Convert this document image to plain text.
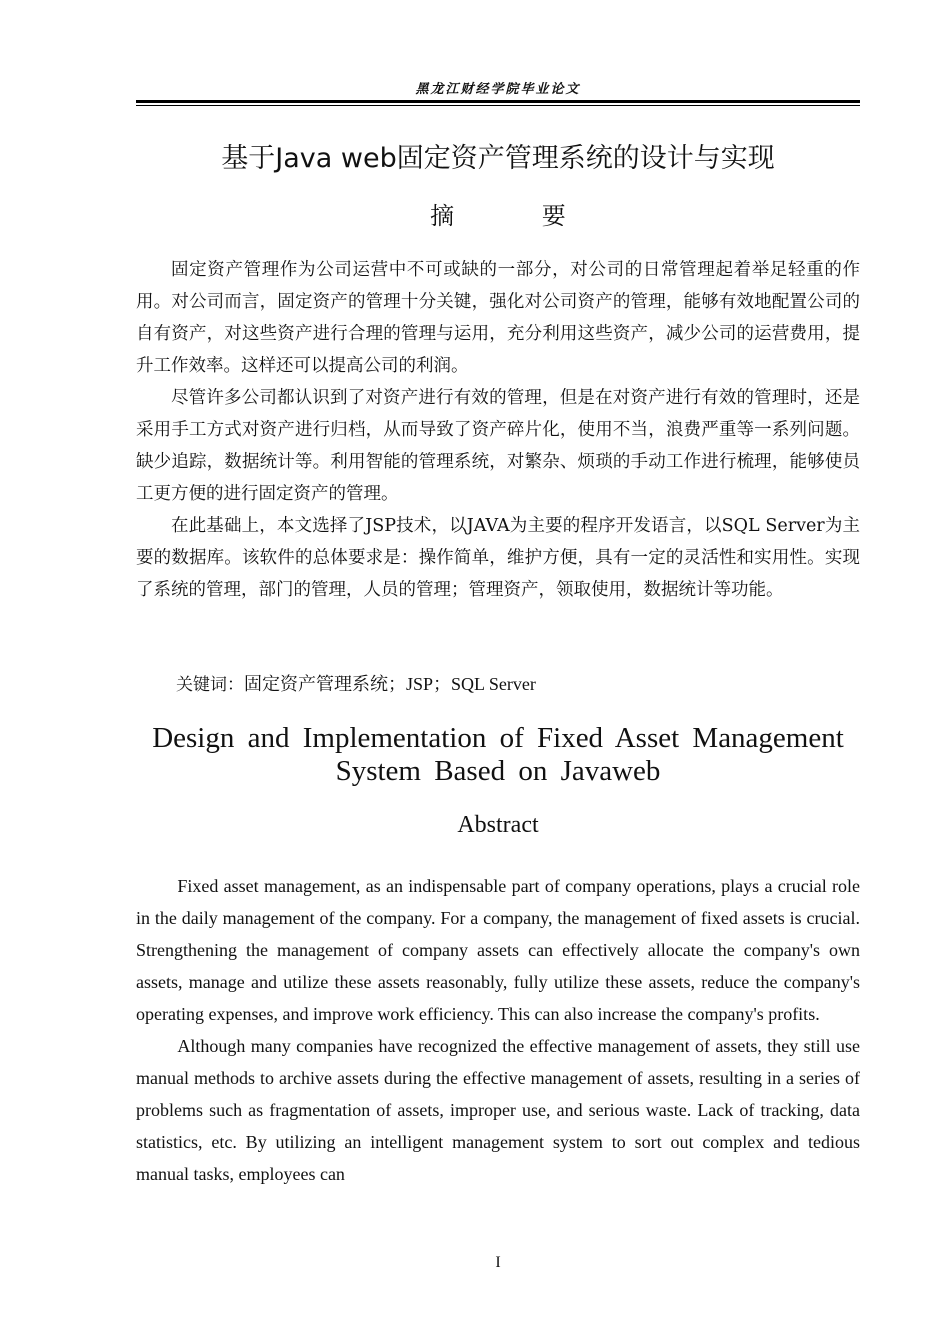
黑龙江财经学院毕业论文
基于Java web固定资产管理系统的设计与实现
摘 要

固定资产管理作为公司运营中不可或缺的一部分，对公司的日常管理起着举足轻重的作用。对公司而言，固定资产的管理十分关键，强化对公司资产的管理，能够有效地配置公司的自有资产，对这些资产进行合理的管理与运用，充分利用这些资产，减少公司的运营费用，提升工作效率。这样还可以提高公司的利润。

尽管许多公司都认识到了对资产进行有效的管理，但是在对资产进行有效的管理时，还是采用手工方式对资产进行归档，从而导致了资产碎片化，使用不当，浪费严重等一系列问题。缺少追踪，数据统计等。利用智能的管理系统，对繁杂、烦琐的手动工作进行梳理，能够使员工更方便的进行固定资产的管理。

在此基础上，本文选择了JSP技术，以JAVA为主要的程序开发语言，以SQL Server为主要的数据库。该软件的总体要求是：操作简单，维护方便，具有一定的灵活性和实用性。实现了系统的管理，部门的管理，人员的管理；管理资产，领取使用，数据统计等功能。

关键词：固定资产管理系统；JSP；SQL Server
Design and Implementation of Fixed Asset Management System Based on Javaweb
Abstract

Fixed asset management, as an indispensable part of company operations, plays a crucial role in the daily management of the company. For a company, the management of fixed assets is crucial. Strengthening the management of company assets can effectively allocate the company's own assets, manage and utilize these assets reasonably, fully utilize these assets, reduce the company's operating expenses, and improve work efficiency. This can also increase the company's profits.

Although many companies have recognized the effective management of assets, they still use manual methods to archive assets during the effective management of assets, resulting in a series of problems such as fragmentation of assets, improper use, and serious waste. Lack of tracking, data statistics, etc. By utilizing an intelligent management system to sort out complex and tedious manual tasks, employees can

I
